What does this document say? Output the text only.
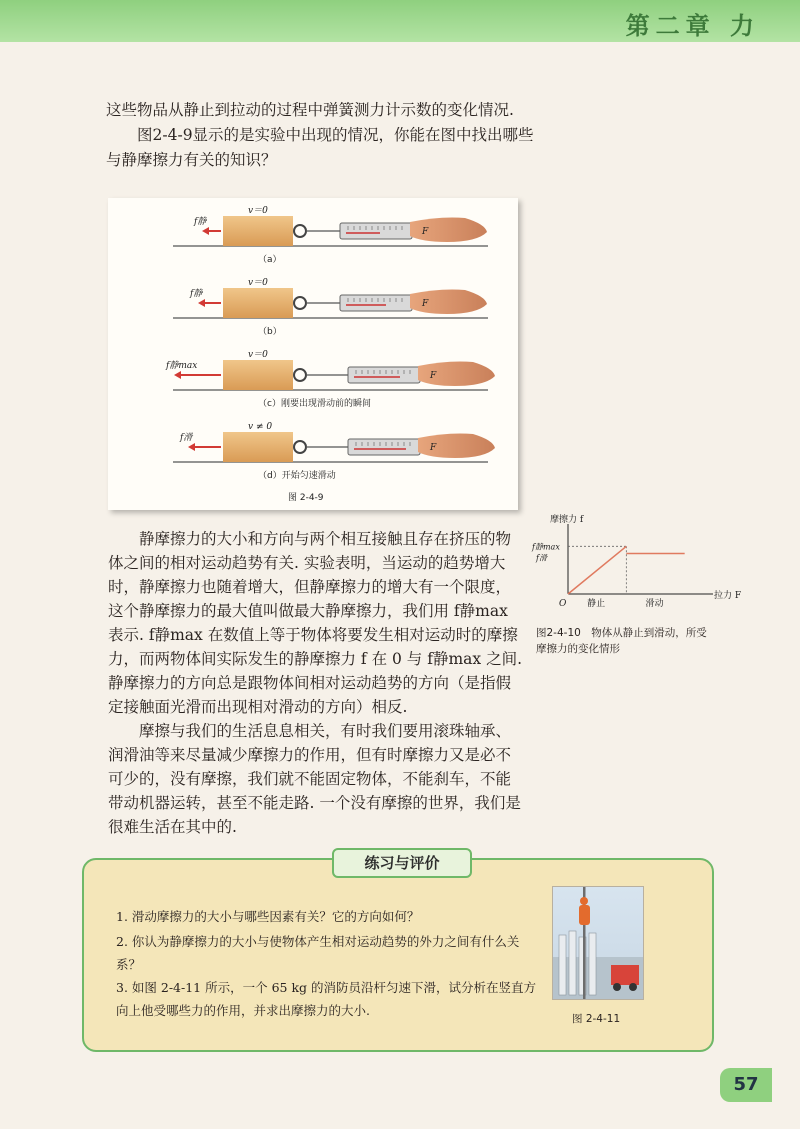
第二章 力
这些物品从静止到拉动的过程中弹簧测力计示数的变化情况.
图2-4-9显示的是实验中出现的情况，你能在图中找出哪些与静摩擦力有关的知识？
f静
v＝0
F
（a）
f静
v＝0
F
（b）
f静max
v＝0
F
（c）刚要出现滑动前的瞬间
f滑
v ≠ 0
F
（d）开始匀速滑动
图 2-4-9

静摩擦力的大小和方向与两个相互接触且存在挤压的物体之间的相对运动趋势有关. 实验表明，当运动的趋势增大时，静摩擦力也随着增大，但静摩擦力的增大有一个限度，这个静摩擦力的最大值叫做最大静摩擦力，我们用 f静max 表示. f静max 在数值上等于物体将要发生相对运动时的摩擦力，而两物体间实际发生的静摩擦力 f 在 0 与 f静max 之间. 静摩擦力的方向总是跟物体间相对运动趋势的方向（是指假定接触面光滑而出现相对滑动的方向）相反.

摩擦与我们的生活息息相关，有时我们要用滚珠轴承、润滑油等来尽量减少摩擦力的作用，但有时摩擦力又是必不可少的，没有摩擦，我们就不能固定物体，不能刹车，不能带动机器运转，甚至不能走路. 一个没有摩擦的世界，我们是很难生活在其中的.

拉力 F
摩擦力 f
O
f静max
f滑
静止	滑动
图2-4-10　物体从静止到滑动，所受摩擦力的变化情形
练习与评价
1. 滑动摩擦力的大小与哪些因素有关？它的方向如何？
2. 你认为静摩擦力的大小与使物体产生相对运动趋势的外力之间有什么关系？
3. 如图 2-4-11 所示，一个 65 kg 的消防员沿杆匀速下滑，试分析在竖直方向上他受哪些力的作用，并求出摩擦力的大小.
图 2-4-11
57
